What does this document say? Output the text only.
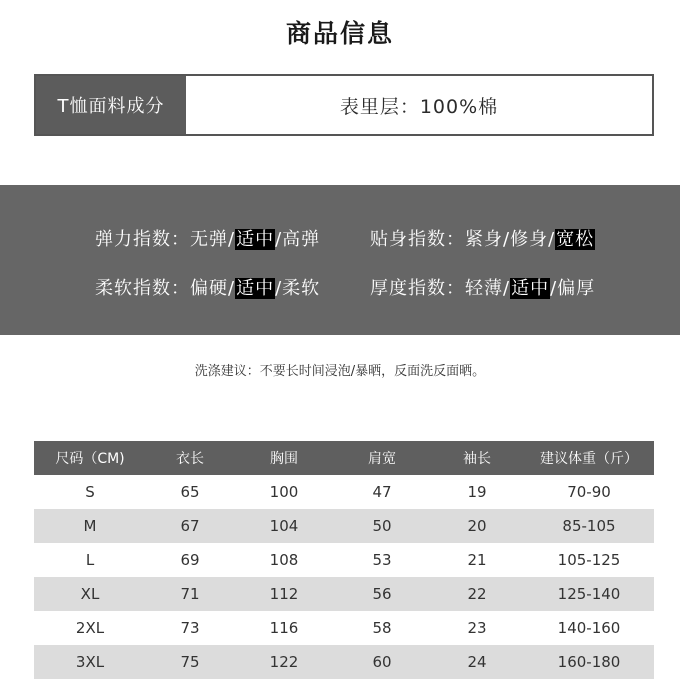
商品信息
T恤面料成分	表里层：100%棉
弹力指数：无弹/适中/高弹	贴身指数：紧身/修身/宽松
柔软指数：偏硬/适中/柔软	厚度指数：轻薄/适中/偏厚
洗涤建议：不要长时间浸泡/暴晒，反面洗反面晒。
尺码（CM)	衣长	胸围	肩宽	袖长	建议体重（斤）
S	65	100	47	19	70-90
M	67	104	50	20	85-105
L	69	108	53	21	105-125
XL	71	112	56	22	125-140
2XL	73	116	58	23	140-160
3XL	75	122	60	24	160-180
